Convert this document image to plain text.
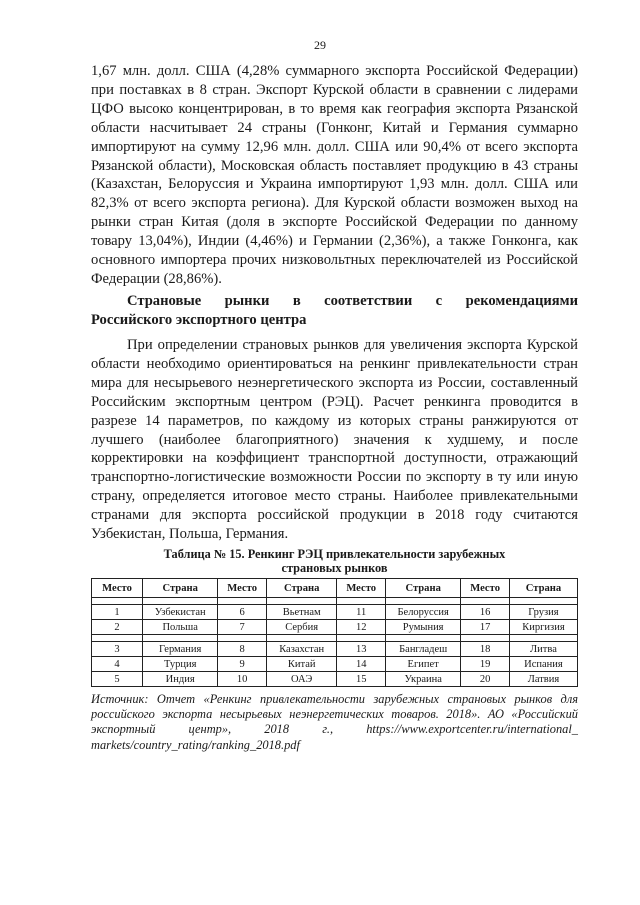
29

1,67 млн. долл. США (4,28% суммарного экспорта Российской Федерации) при поставках в 8 стран. Экспорт Курской области в сравнении с лидерами ЦФО высоко концентрирован, в то время как география экспорта Рязанской области насчитывает 24 страны (Гонконг, Китай и Германия суммарно импортируют на сумму 12,96 млн. долл. США или 90,4% от всего экспорта Рязанской области), Московская область поставляет продукцию в 43 страны (Казахстан, Белоруссия и Украина импортируют 1,93 млн. долл. США или 82,3% от всего экспорта региона). Для Курской области возможен выход на рынки стран Китая (доля в экспорте Российской Федерации по данному товару 13,04%), Индии (4,46%) и Германии (2,36%), а также Гонконга, как основного импортера прочих низковольтных переключателей из Российской Федерации (28,86%).

Страновые рынки в соответствии с рекомендациями
Российского экспортного центра

При определении страновых рынков для увеличения экспорта Курской области необходимо ориентироваться на ренкинг привлекательности стран мира для несырьевого неэнергетического экспорта из России, составленный Российским экспортным центром (РЭЦ). Расчет ренкинга проводится в разрезе 14 параметров, по каждому из которых страны ранжируются от лучшего (наиболее благоприятного) значения к худшему, и после корректировки на коэффициент транспортной доступности, отражающий транспортно-логистические возможности России по экспорту в ту или иную страну, определяется итоговое место страны. Наиболее привлекательными странами для экспорта российской продукции в 2018 году считаются Узбекистан, Польша, Германия.

Таблица № 15. Ренкинг РЭЦ привлекательности зарубежных
страновых рынков
Место	Страна	Место	Страна	Место	Страна	Место	Страна

1	Узбекистан	6	Вьетнам	11	Белоруссия	16	Грузия
2	Польша	7	Сербия	12	Румыния	17	Киргизия

3	Германия	8	Казахстан	13	Бангладеш	18	Литва
4	Турция	9	Китай	14	Египет	19	Испания
5	Индия	10	ОАЭ	15	Украина	20	Латвия

Источник: Отчет «Ренкинг привлекательности зарубежных страновых рынков для российского экспорта несырьевых неэнергетических товаров. 2018». АО «Российский экспортный центр», 2018 г., https://www.exportcenter.ru/international_ markets/country_rating/ranking_2018.pdf
